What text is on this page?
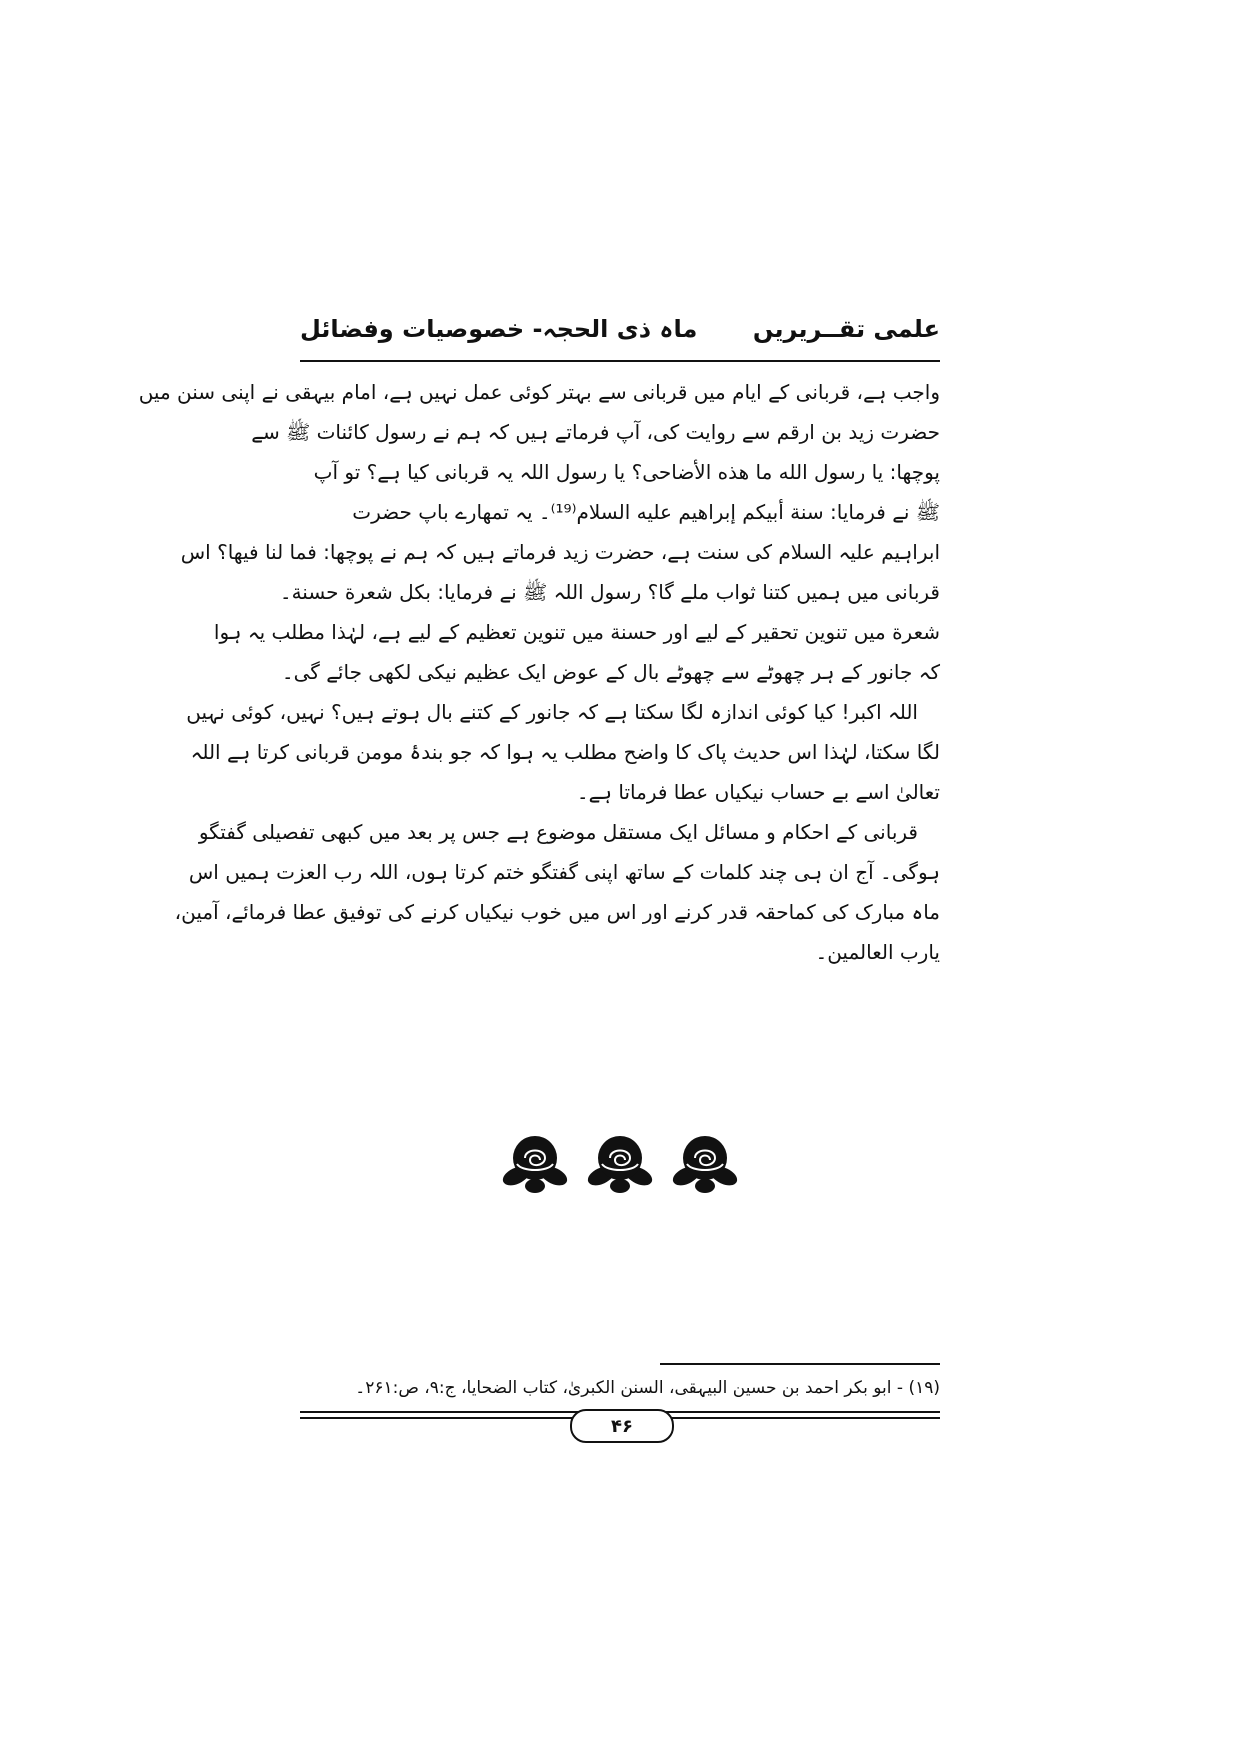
علمی تقــریریں
ماہ ذی الحجہ- خصوصیات وفضائل
واجب ہے، قربانی کے ایام میں قربانی سے بہتر کوئی عمل نہیں ہے، امام بیہقی نے اپنی سنن میں
حضرت زید بن ارقم سے روایت کی، آپ فرماتے ہیں کہ ہم نے رسول کائنات ﷺ سے
پوچھا: یا رسول الله ما هذه الأضاحی؟ یا رسول اللہ یہ قربانی کیا ہے؟ تو آپ
ﷺ نے فرمایا: سنة أبیكم إبراهیم علیه السلام⁽¹⁹⁾۔ یہ تمھارے باپ حضرت
ابراہیم علیہ السلام کی سنت ہے، حضرت زید فرماتے ہیں کہ ہم نے پوچھا: فما لنا فیها؟ اس
قربانی میں ہمیں کتنا ثواب ملے گا؟ رسول اللہ ﷺ نے فرمایا: بكل شعرة حسنة۔
شعرة میں تنوین تحقیر کے لیے اور حسنة میں تنوین تعظیم کے لیے ہے، لہٰذا مطلب یہ ہوا
کہ جانور کے ہر چھوٹے سے چھوٹے بال کے عوض ایک عظیم نیکی لکھی جائے گی۔
اللہ اکبر! کیا کوئی اندازہ لگا سکتا ہے کہ جانور کے کتنے بال ہوتے ہیں؟ نہیں، کوئی نہیں
لگا سکتا، لہٰذا اس حدیث پاک کا واضح مطلب یہ ہوا کہ جو بندۂ مومن قربانی کرتا ہے اللہ
تعالیٰ اسے بے حساب نیکیاں عطا فرماتا ہے۔
قربانی کے احکام و مسائل ایک مستقل موضوع ہے جس پر بعد میں کبھی تفصیلی گفتگو
ہوگی۔ آج ان ہی چند کلمات کے ساتھ اپنی گفتگو ختم کرتا ہوں، اللہ رب العزت ہمیں اس
ماہ مبارک کی کماحقہ قدر کرنے اور اس میں خوب نیکیاں کرنے کی توفیق عطا فرمائے، آمین،
یارب العالمین۔
(۱۹) - ابو بکر احمد بن حسین البیہقی، السنن الکبریٰ، کتاب الضحایا، ج:۹، ص:۲۶۱۔
۴۶
